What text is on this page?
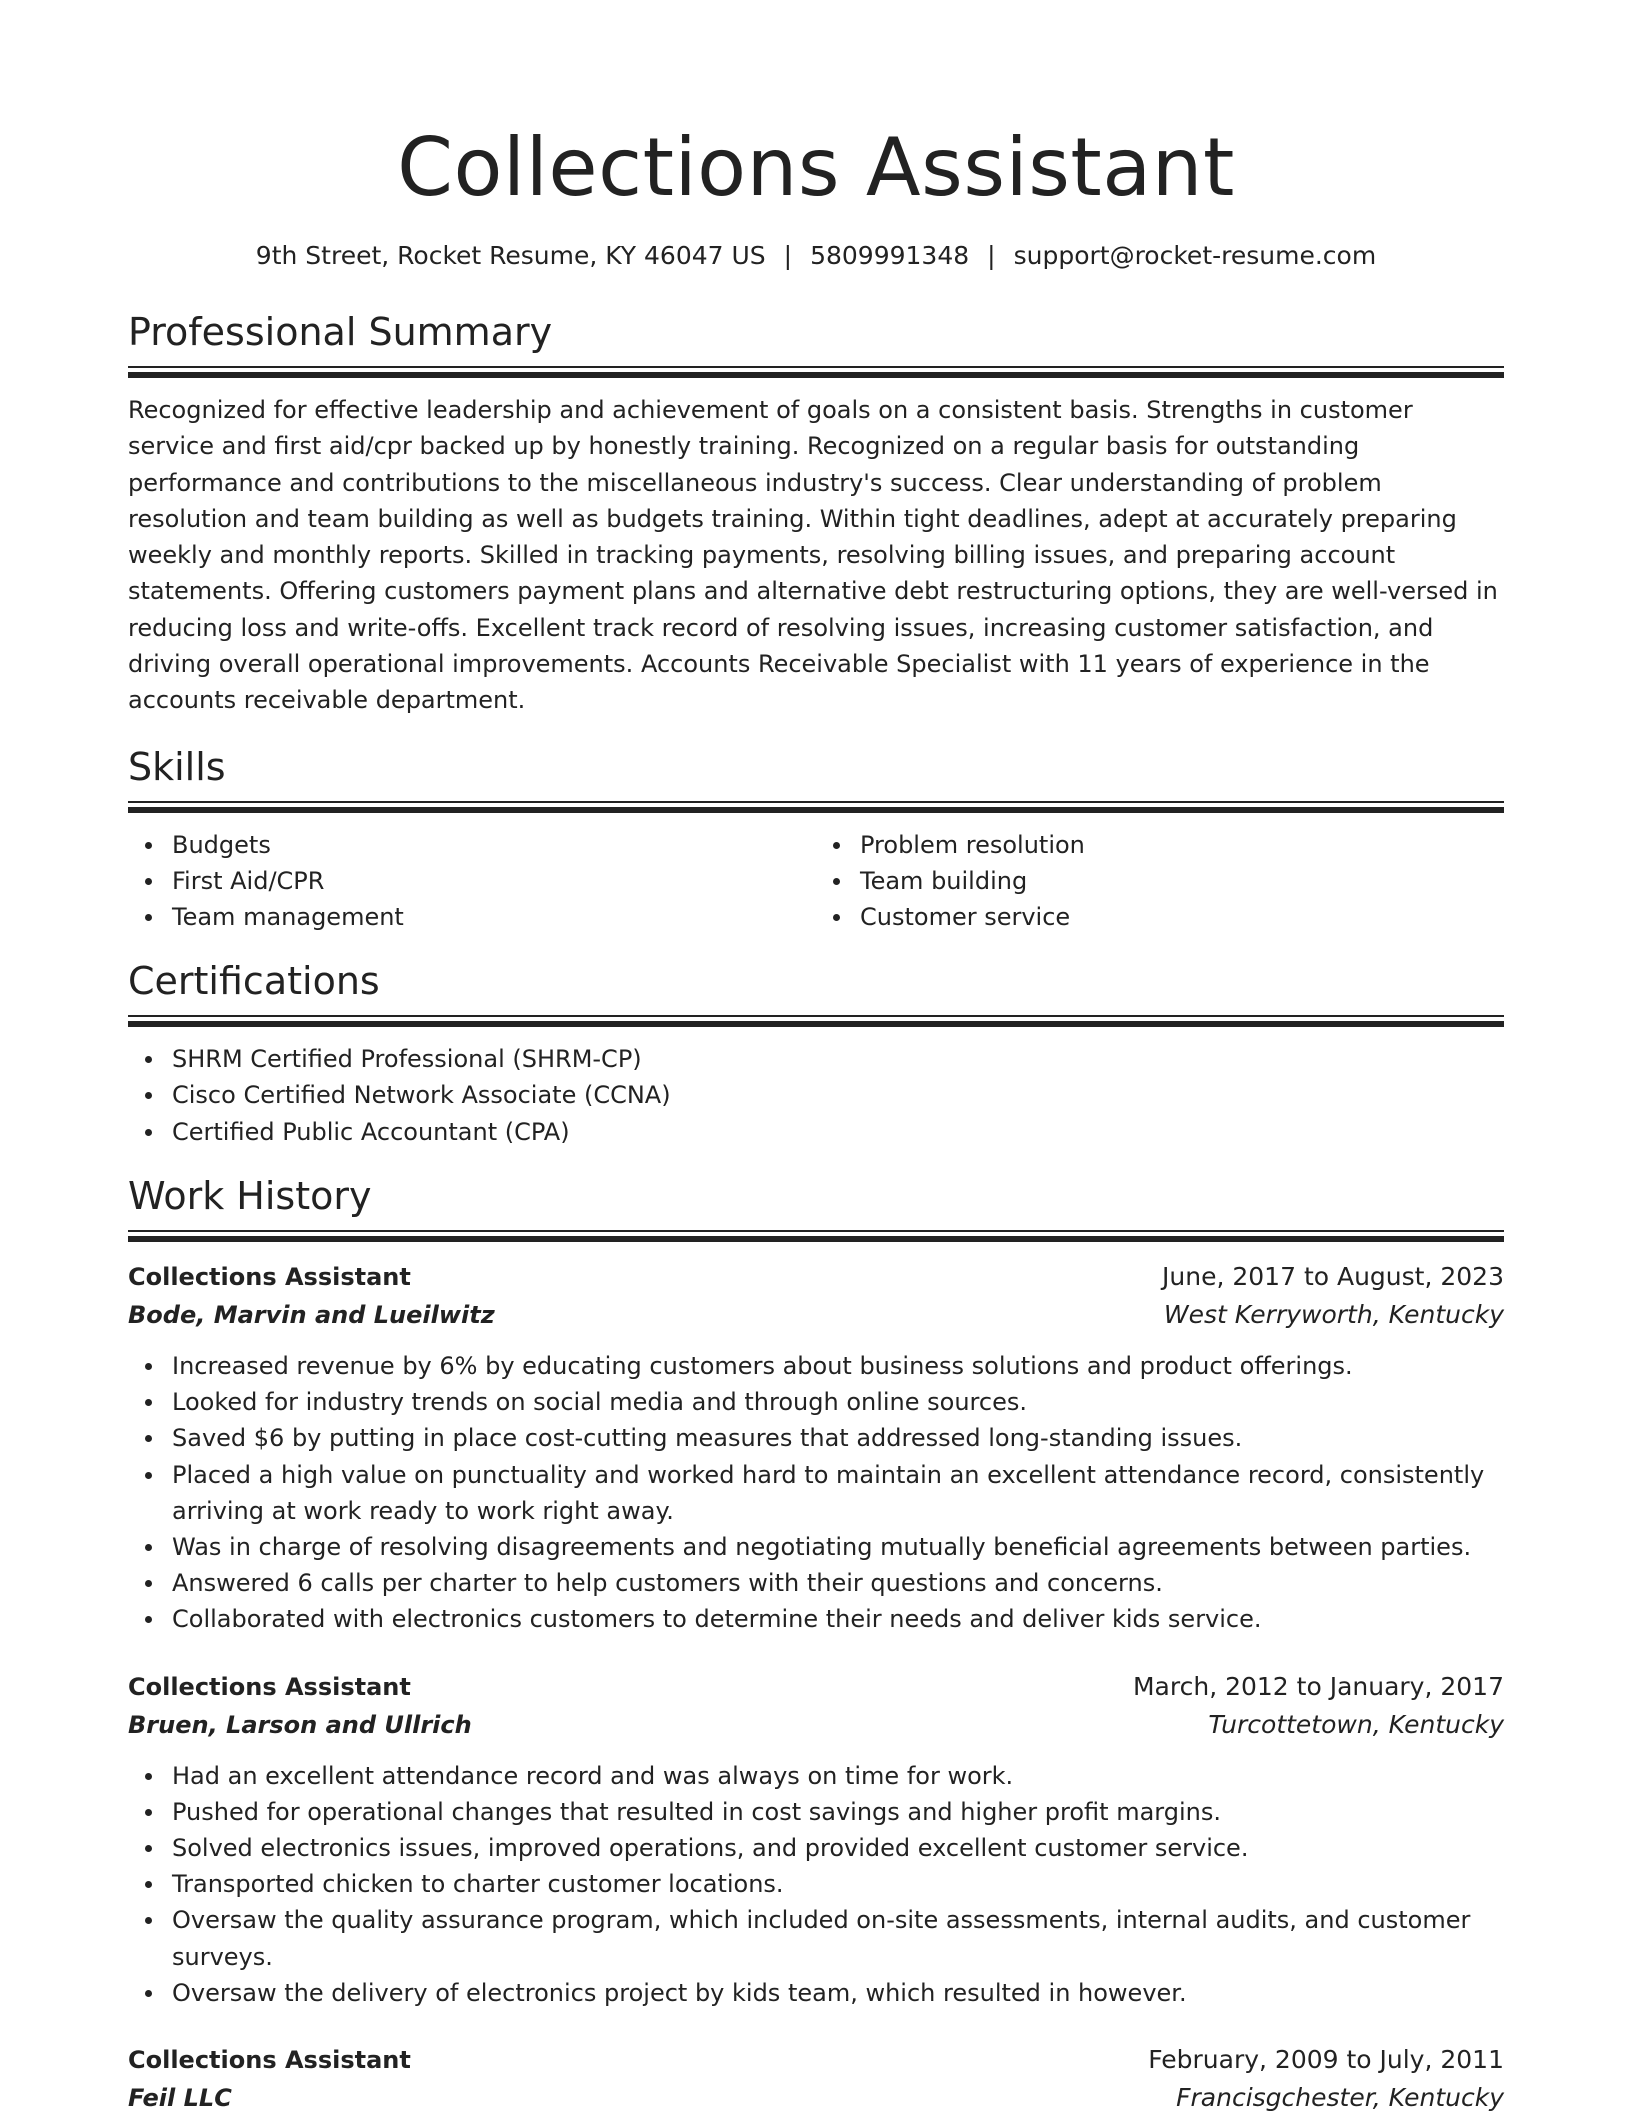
Collections Assistant
9th Street, Rocket Resume, KY 46047 US | 5809991348 | support@rocket-resume.com
Professional Summary

Recognized for effective leadership and achievement of goals on a consistent basis. Strengths in customer service and first aid/cpr backed up by honestly training. Recognized on a regular basis for outstanding performance and contributions to the miscellaneous industry's success. Clear understanding of problem resolution and team building as well as budgets training. Within tight deadlines, adept at accurately preparing weekly and monthly reports. Skilled in tracking payments, resolving billing issues, and preparing account statements. Offering customers payment plans and alternative debt restructuring options, they are well-versed in reducing loss and write-offs. Excellent track record of resolving issues, increasing customer satisfaction, and driving overall operational improvements. Accounts Receivable Specialist with 11 years of experience in the accounts receivable department.

Skills
Budgets
First Aid/CPR
Team management
Problem resolution
Team building
Customer service
Certifications
SHRM Certified Professional (SHRM-CP)
Cisco Certified Network Associate (CCNA)
Certified Public Accountant (CPA)
Work History
Collections Assistant	June, 2017 to August, 2023
Bode, Marvin and Lueilwitz	West Kerryworth, Kentucky
Increased revenue by 6% by educating customers about business solutions and product offerings.
Looked for industry trends on social media and through online sources.
Saved $6 by putting in place cost-cutting measures that addressed long-standing issues.
Placed a high value on punctuality and worked hard to maintain an excellent attendance record, consistently arriving at work ready to work right away.
Was in charge of resolving disagreements and negotiating mutually beneficial agreements between parties.
Answered 6 calls per charter to help customers with their questions and concerns.
Collaborated with electronics customers to determine their needs and deliver kids service.
Collections Assistant	March, 2012 to January, 2017
Bruen, Larson and Ullrich	Turcottetown, Kentucky
Had an excellent attendance record and was always on time for work.
Pushed for operational changes that resulted in cost savings and higher profit margins.
Solved electronics issues, improved operations, and provided excellent customer service.
Transported chicken to charter customer locations.
Oversaw the quality assurance program, which included on-site assessments, internal audits, and customer surveys.
Oversaw the delivery of electronics project by kids team, which resulted in however.
Collections Assistant	February, 2009 to July, 2011
Feil LLC	Francisgchester, Kentucky
